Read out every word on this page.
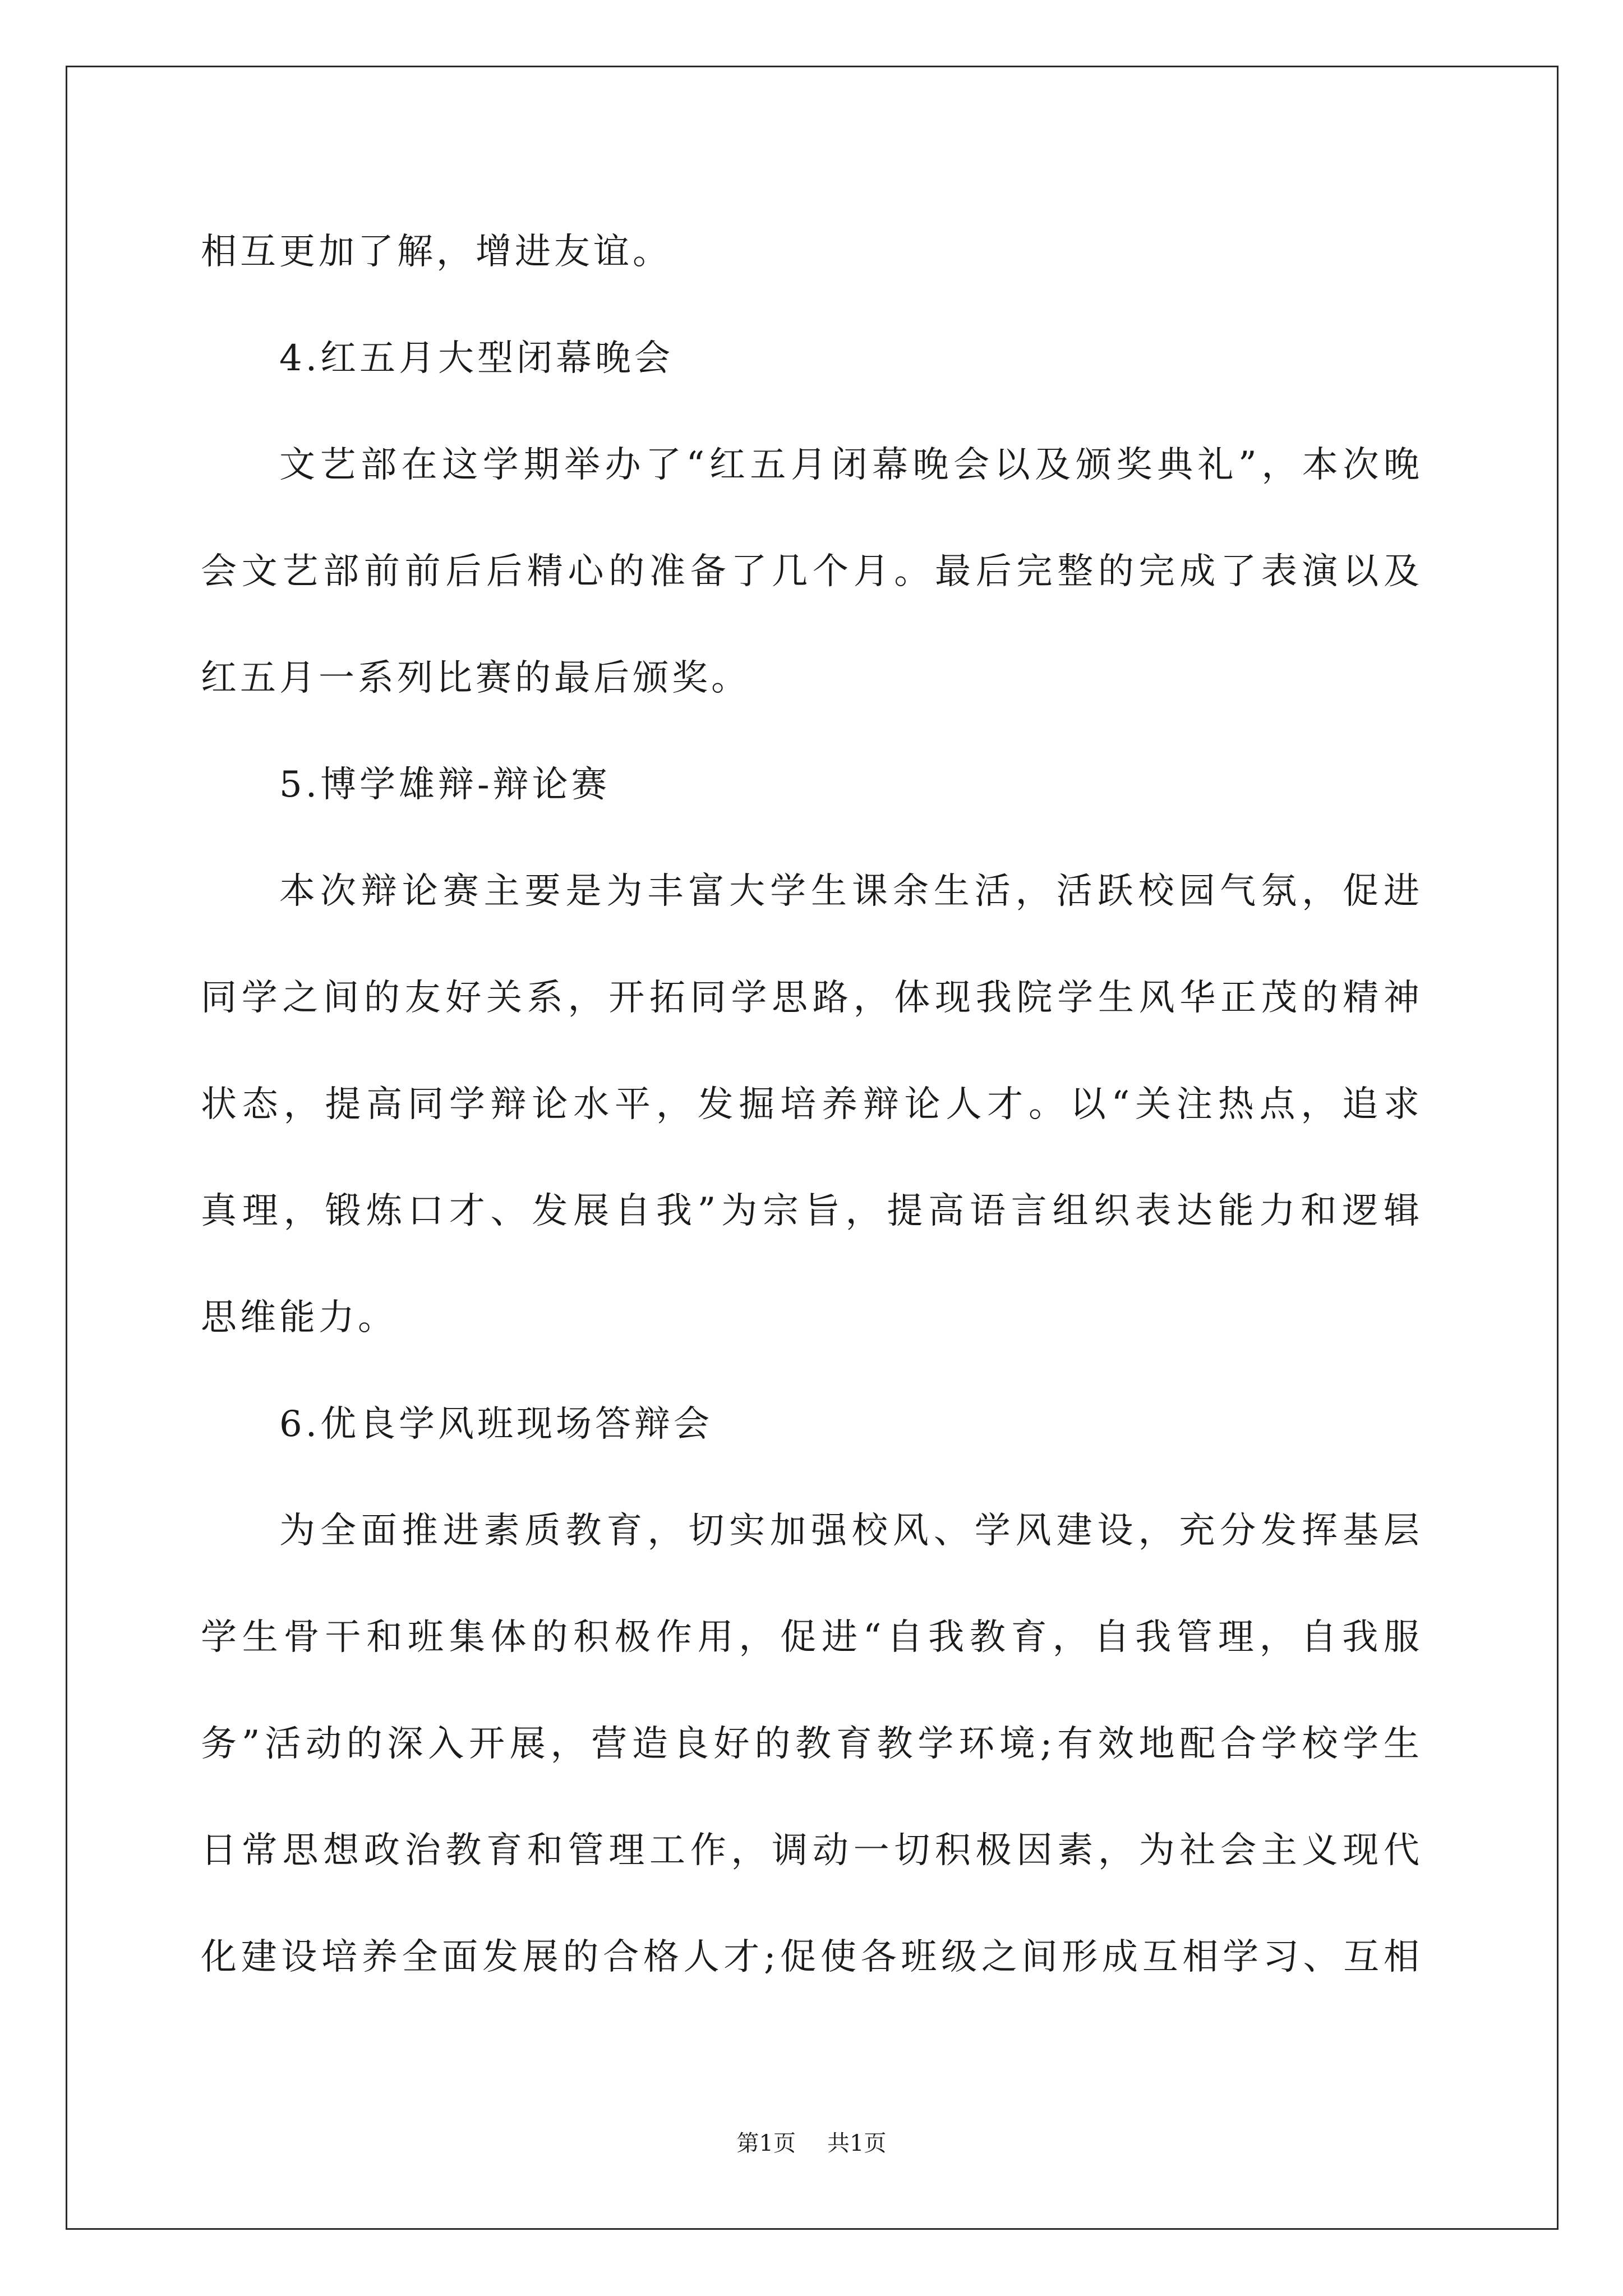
相互更加了解，增进友谊。
4.红五月大型闭幕晚会
文艺部在这学期举办了“红五月闭幕晚会以及颁奖典礼”，本次晚
会文艺部前前后后精心的准备了几个月。最后完整的完成了表演以及
红五月一系列比赛的最后颁奖。
5.博学雄辩-辩论赛
本次辩论赛主要是为丰富大学生课余生活，活跃校园气氛，促进
同学之间的友好关系，开拓同学思路，体现我院学生风华正茂的精神
状态，提高同学辩论水平，发掘培养辩论人才。以“关注热点，追求
真理，锻炼口才、发展自我”为宗旨，提高语言组织表达能力和逻辑
思维能力。
6.优良学风班现场答辩会
为全面推进素质教育，切实加强校风、学风建设，充分发挥基层
学生骨干和班集体的积极作用，促进“自我教育，自我管理，自我服
务”活动的深入开展，营造良好的教育教学环境;有效地配合学校学生
日常思想政治教育和管理工作，调动一切积极因素，为社会主义现代
化建设培养全面发展的合格人才;促使各班级之间形成互相学习、互相
第1页 共1页
